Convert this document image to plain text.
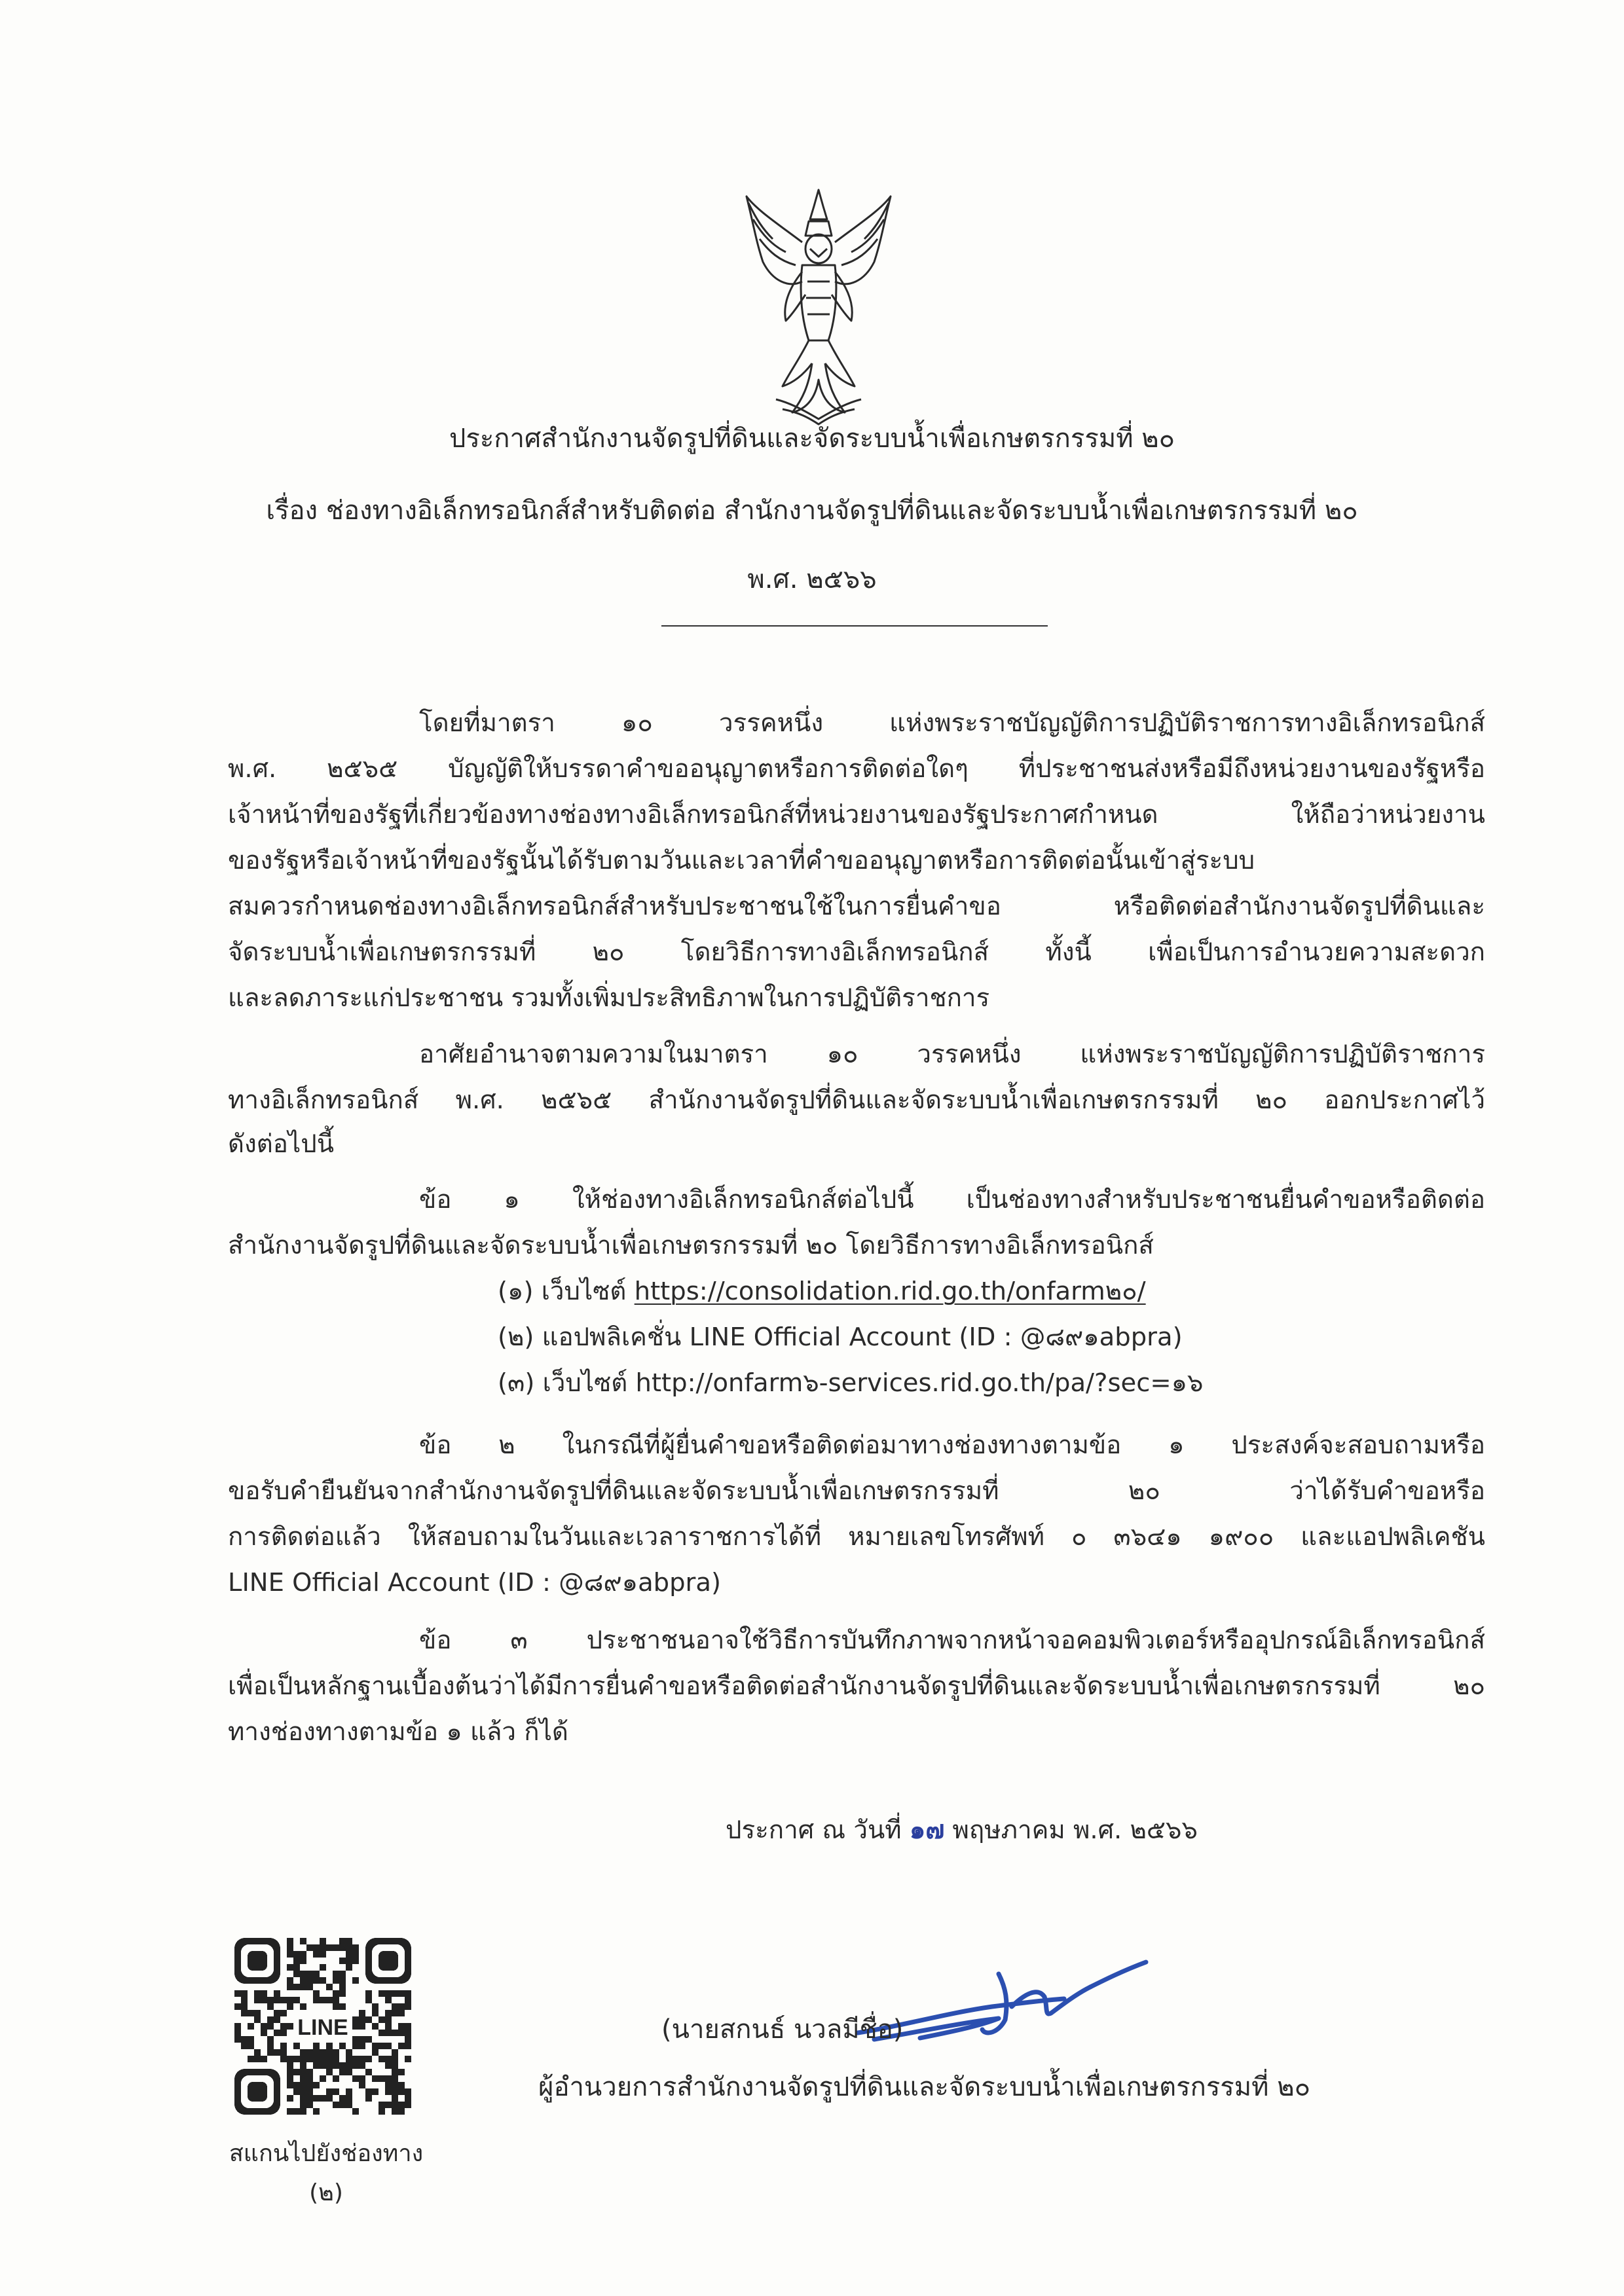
ประกาศสำนักงานจัดรูปที่ดินและจัดระบบน้ำเพื่อเกษตรกรรมที่ ๒๐
เรื่อง ช่องทางอิเล็กทรอนิกส์สำหรับติดต่อ สำนักงานจัดรูปที่ดินและจัดระบบน้ำเพื่อเกษตรกรรมที่ ๒๐
พ.ศ. ๒๕๖๖
โดยที่มาตรา ๑๐ วรรคหนึ่ง แห่งพระราชบัญญัติการปฏิบัติราชการทางอิเล็กทรอนิกส์
พ.ศ. ๒๕๖๕ บัญญัติให้บรรดาคำขออนุญาตหรือการติดต่อใดๆ ที่ประชาชนส่งหรือมีถึงหน่วยงานของรัฐหรือ
เจ้าหน้าที่ของรัฐที่เกี่ยวข้องทางช่องทางอิเล็กทรอนิกส์ที่หน่วยงานของรัฐประกาศกำหนด ให้ถือว่าหน่วยงาน
ของรัฐหรือเจ้าหน้าที่ของรัฐนั้นได้รับตามวันและเวลาที่คำขออนุญาตหรือการติดต่อนั้นเข้าสู่ระบบ
สมควรกำหนดช่องทางอิเล็กทรอนิกส์สำหรับประชาชนใช้ในการยื่นคำขอ หรือติดต่อสำนักงานจัดรูปที่ดินและ
จัดระบบน้ำเพื่อเกษตรกรรมที่ ๒๐ โดยวิธีการทางอิเล็กทรอนิกส์ ทั้งนี้ เพื่อเป็นการอำนวยความสะดวก
และลดภาระแก่ประชาชน รวมทั้งเพิ่มประสิทธิภาพในการปฏิบัติราชการ
อาศัยอำนาจตามความในมาตรา ๑๐ วรรคหนึ่ง แห่งพระราชบัญญัติการปฏิบัติราชการ
ทางอิเล็กทรอนิกส์ พ.ศ. ๒๕๖๕ สำนักงานจัดรูปที่ดินและจัดระบบน้ำเพื่อเกษตรกรรมที่ ๒๐ ออกประกาศไว้
ดังต่อไปนี้
ข้อ ๑ ให้ช่องทางอิเล็กทรอนิกส์ต่อไปนี้ เป็นช่องทางสำหรับประชาชนยื่นคำขอหรือติดต่อ
สำนักงานจัดรูปที่ดินและจัดระบบน้ำเพื่อเกษตรกรรมที่ ๒๐ โดยวิธีการทางอิเล็กทรอนิกส์
(๑) เว็บไซต์ https://consolidation.rid.go.th/onfarm๒๐/
(๒) แอปพลิเคชั่น LINE Official Account (ID : @๘๙๑abpra)
(๓) เว็บไซต์ http://onfarm๖-services.rid.go.th/pa/?sec=๑๖
ข้อ ๒ ในกรณีที่ผู้ยื่นคำขอหรือติดต่อมาทางช่องทางตามข้อ ๑ ประสงค์จะสอบถามหรือ
ขอรับคำยืนยันจากสำนักงานจัดรูปที่ดินและจัดระบบน้ำเพื่อเกษตรกรรมที่ ๒๐ ว่าได้รับคำขอหรือ
การติดต่อแล้ว ให้สอบถามในวันและเวลาราชการได้ที่ หมายเลขโทรศัพท์ ๐ ๓๖๔๑ ๑๙๐๐ และแอปพลิเคชัน
LINE Official Account (ID : @๘๙๑abpra)
ข้อ ๓ ประชาชนอาจใช้วิธีการบันทึกภาพจากหน้าจอคอมพิวเตอร์หรืออุปกรณ์อิเล็กทรอนิกส์
เพื่อเป็นหลักฐานเบื้องต้นว่าได้มีการยื่นคำขอหรือติดต่อสำนักงานจัดรูปที่ดินและจัดระบบน้ำเพื่อเกษตรกรรมที่ ๒๐
ทางช่องทางตามข้อ ๑ แล้ว ก็ได้
ประกาศ ณ วันที่ ๑๗ พฤษภาคม พ.ศ. ๒๕๖๖
(นายสกนธ์ นวลมีชื่อ)
ผู้อำนวยการสำนักงานจัดรูปที่ดินและจัดระบบน้ำเพื่อเกษตรกรรมที่ ๒๐
LINE
สแกนไปยังช่องทาง
(๒)
